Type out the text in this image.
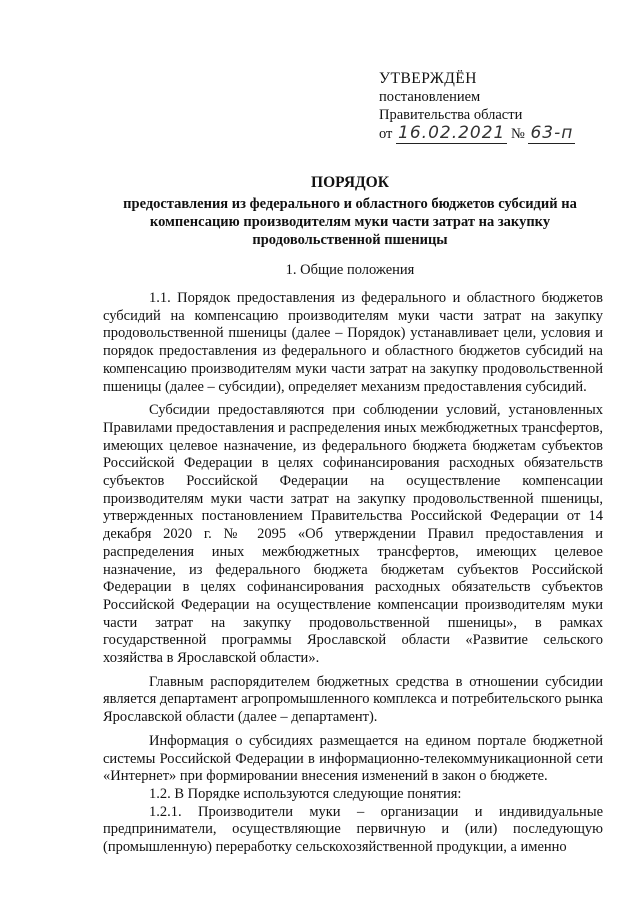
УТВЕРЖДЁН
постановлением
Правительства области
от 16.02.2021 № 63-п
ПОРЯДОК
предоставления из федерального и областного бюджетов субсидий на компенсацию производителям муки части затрат на закупку продовольственной пшеницы
1. Общие положения

1.1. Порядок предоставления из федерального и областного бюджетов субсидий на компенсацию производителям муки части затрат на закупку продовольственной пшеницы (далее – Порядок) устанавливает цели, условия и порядок предоставления из федерального и областного бюджетов субсидий на компенсацию производителям муки части затрат на закупку продовольственной пшеницы (далее – субсидии), определяет механизм предоставления субсидий.

Субсидии предоставляются при соблюдении условий, установленных Правилами предоставления и распределения иных межбюджетных трансфертов, имеющих целевое назначение, из федерального бюджета бюджетам субъектов Российской Федерации в целях софинансирования расходных обязательств субъектов Российской Федерации на осуществление компенсации производителям муки части затрат на закупку продовольственной пшеницы, утвержденных постановлением Правительства Российской Федерации от 14 декабря 2020 г. № 2095 «Об утверждении Правил предоставления и распределения иных межбюджетных трансфертов, имеющих целевое назначение, из федерального бюджета бюджетам субъектов Российской Федерации в целях софинансирования расходных обязательств субъектов Российской Федерации на осуществление компенсации производителям муки части затрат на закупку продовольственной пшеницы», в рамках государственной программы Ярославской области «Развитие сельского хозяйства в Ярославской области».

Главным распорядителем бюджетных средства в отношении субсидии является департамент агропромышленного комплекса и потребительского рынка Ярославской области (далее – департамент).

Информация о субсидиях размещается на едином портале бюджетной системы Российской Федерации в информационно-телекоммуникационной сети «Интернет» при формировании внесения изменений в закон о бюджете.

1.2. В Порядке используются следующие понятия:

1.2.1. Производители муки – организации и индивидуальные предприниматели, осуществляющие первичную и (или) последующую (промышленную) переработку сельскохозяйственной продукции, а именно
